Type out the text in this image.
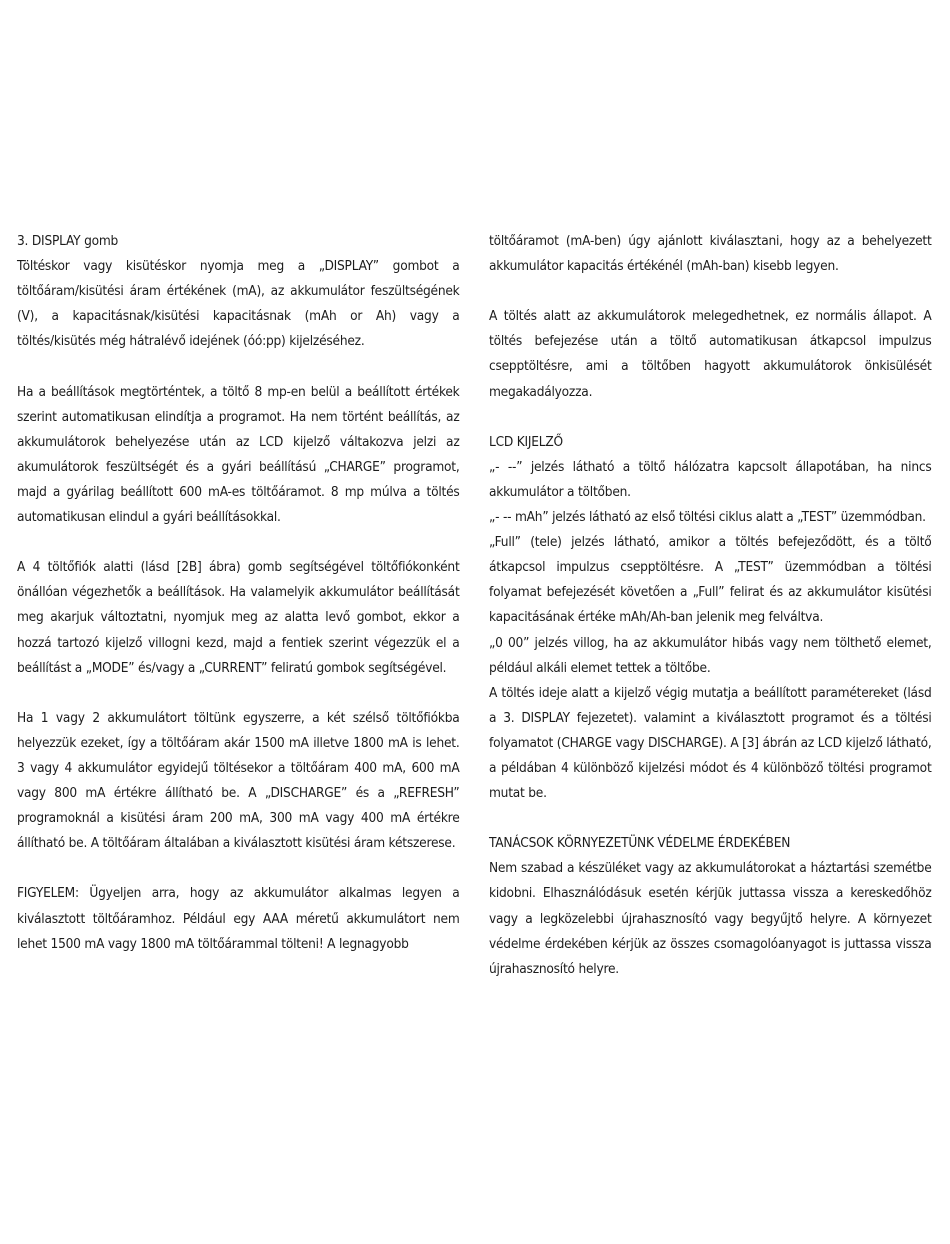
3. DISPLAY gomb

Töltéskor vagy kisütéskor nyomja meg a „DISPLAY” gombot a töltőáram/kisütési áram értékének (mA), az akkumulátor feszültségének (V), a kapacitásnak/kisütési kapacitásnak (mAh or Ah) vagy a töltés/kisütés még hátralévő idejének (óó:pp) kijelzéséhez.

Ha a beállítások megtörténtek, a töltő 8 mp-en belül a beállított értékek szerint automatikusan elindítja a programot. Ha nem történt beállítás, az akkumulátorok behelyezése után az LCD kijelző váltakozva jelzi az akumulátorok feszültségét és a gyári beállítású „CHARGE” programot, majd a gyárilag beállított 600 mA-es töltőáramot. 8 mp múlva a töltés automatikusan elindul a gyári beállításokkal.

A 4 töltőfiók alatti (lásd [2B] ábra) gomb segítségével töltőfiókonként önállóan végezhetők a beállítások. Ha valamelyik akkumulátor beállítását meg akarjuk változtatni, nyomjuk meg az alatta levő gombot, ekkor a hozzá tartozó kijelző villogni kezd, majd a fentiek szerint végezzük el a beállítást a „MODE” és/vagy a „CURRENT” feliratú gombok segítségével.

Ha 1 vagy 2 akkumulátort töltünk egyszerre, a két szélső töltőfiókba helyezzük ezeket, így a töltőáram akár 1500 mA illetve 1800 mA is lehet. 3 vagy 4 akkumulátor egyidejű töltésekor a töltőáram 400 mA, 600 mA vagy 800 mA értékre állítható be. A „DISCHARGE” és a „REFRESH” programoknál a kisütési áram 200 mA, 300 mA vagy 400 mA értékre állítható be. A töltőáram általában a kiválasztott kisütési áram kétszerese.

FIGYELEM: Ügyeljen arra, hogy az akkumulátor alkalmas legyen a kiválasztott töltőáramhoz. Például egy AAA méretű akkumulátort nem lehet 1500 mA vagy 1800 mA töltőárammal tölteni! A legnagyobb

töltőáramot (mA-ben) úgy ajánlott kiválasztani, hogy az a behelyezett akkumulátor kapacitás értékénél (mAh-ban) kisebb legyen.

A töltés alatt az akkumulátorok melegedhetnek, ez normális állapot. A töltés befejezése után a töltő automatikusan átkapcsol impulzus csepptöltésre, ami a töltőben hagyott akkumulátorok önkisülését megakadályozza.

LCD KIJELZŐ

„- --” jelzés látható a töltő hálózatra kapcsolt állapotában, ha nincs akkumulátor a töltőben.

„- -- mAh” jelzés látható az első töltési ciklus alatt a „TEST” üzemmódban.

„Full” (tele) jelzés látható, amikor a töltés befejeződött, és a töltő átkapcsol impulzus csepptöltésre. A „TEST” üzemmódban a töltési folyamat befejezését követően a „Full” felirat és az akkumulátor kisütési kapacitásának értéke mAh/Ah-ban jelenik meg felváltva.

„0 00” jelzés villog, ha az akkumulátor hibás vagy nem tölthető elemet, például alkáli elemet tettek a töltőbe.

A töltés ideje alatt a kijelző végig mutatja a beállított paramétereket (lásd a 3. DISPLAY fejezetet). valamint a kiválasztott programot és a töltési folyamatot (CHARGE vagy DISCHARGE). A [3] ábrán az LCD kijelző látható, a példában 4 különböző kijelzési módot és 4 különböző töltési programot mutat be.

TANÁCSOK KÖRNYEZETÜNK VÉDELME ÉRDEKÉBEN

Nem szabad a készüléket vagy az akkumulátorokat a háztartási szemétbe kidobni. Elhasználódásuk esetén kérjük juttassa vissza a kereskedőhöz vagy a legközelebbi újrahasznosító vagy begyűjtő helyre. A környezet védelme érdekében kérjük az összes csomagolóanyagot is juttassa vissza újrahasznosító helyre.
